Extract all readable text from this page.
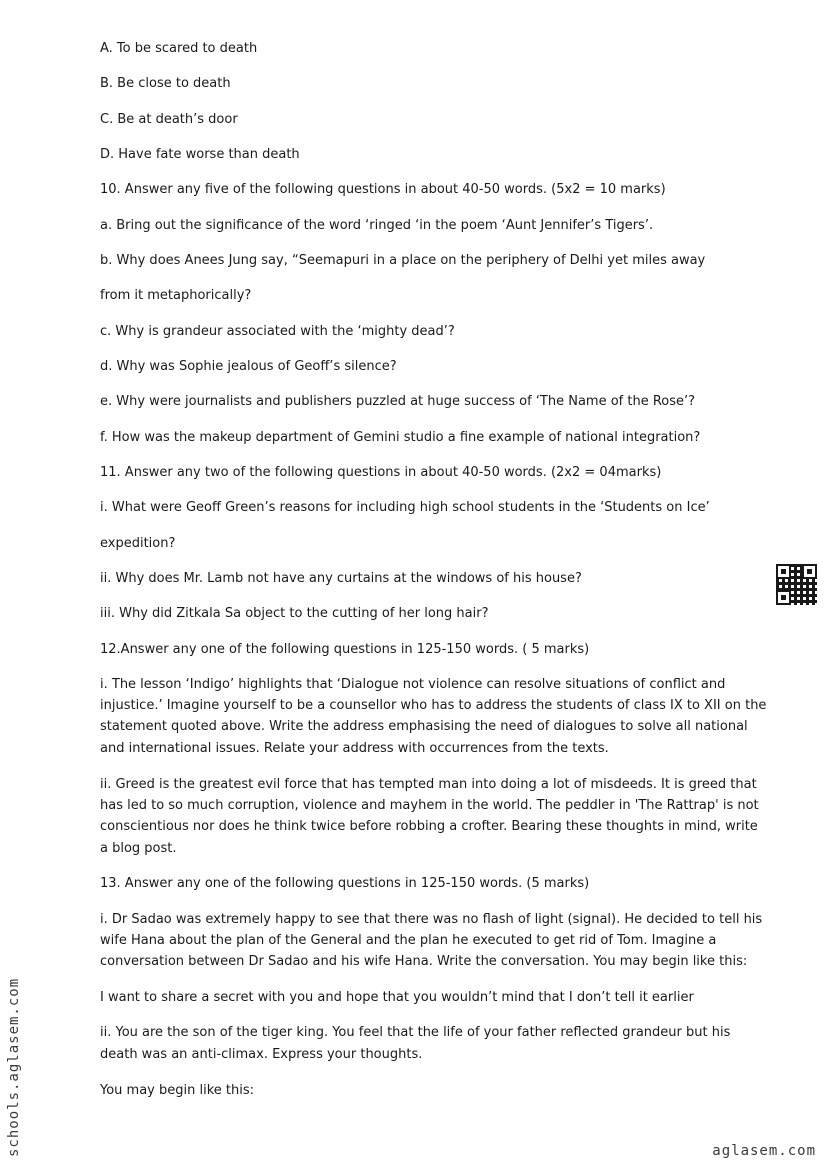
A. To be scared to death
B. Be close to death
C. Be at death’s door
D. Have fate worse than death
10. Answer any five of the following questions in about 40-50 words. (5x2 = 10 marks)
a. Bring out the significance of the word ‘ringed ‘in the poem ‘Aunt Jennifer’s Tigers’.
b. Why does Anees Jung say, “Seemapuri in a place on the periphery of Delhi yet miles away
from it metaphorically?
c. Why is grandeur associated with the ‘mighty dead’?
d. Why was Sophie jealous of Geoff’s silence?
e. Why were journalists and publishers puzzled at huge success of ‘The Name of the Rose’?
f. How was the makeup department of Gemini studio a fine example of national integration?
11. Answer any two of the following questions in about 40-50 words. (2x2 = 04marks)
i. What were Geoff Green’s reasons for including high school students in the ‘Students on Ice’
expedition?
ii. Why does Mr. Lamb not have any curtains at the windows of his house?
iii. Why did Zitkala Sa object to the cutting of her long hair?
12.Answer any one of the following questions in 125-150 words. ( 5 marks)
i. The lesson ‘Indigo’ highlights that ‘Dialogue not violence can resolve situations of conflict and
injustice.’ Imagine yourself to be a counsellor who has to address the students of class IX to XII on the
statement quoted above. Write the address emphasising the need of dialogues to solve all national
and international issues. Relate your address with occurrences from the texts.
ii. Greed is the greatest evil force that has tempted man into doing a lot of misdeeds. It is greed that
has led to so much corruption, violence and mayhem in the world. The peddler in 'The Rattrap' is not
conscientious nor does he think twice before robbing a crofter. Bearing these thoughts in mind, write
a blog post.
13. Answer any one of the following questions in 125-150 words. (5 marks)
i. Dr Sadao was extremely happy to see that there was no flash of light (signal). He decided to tell his
wife Hana about the plan of the General and the plan he executed to get rid of Tom. Imagine a
conversation between Dr Sadao and his wife Hana. Write the conversation. You may begin like this:
I want to share a secret with you and hope that you wouldn’t mind that I don’t tell it earlier
ii. You are the son of the tiger king. You feel that the life of your father reflected grandeur but his
death was an anti-climax. Express your thoughts.
You may begin like this:
schools.aglasem.com	aglasem.com
